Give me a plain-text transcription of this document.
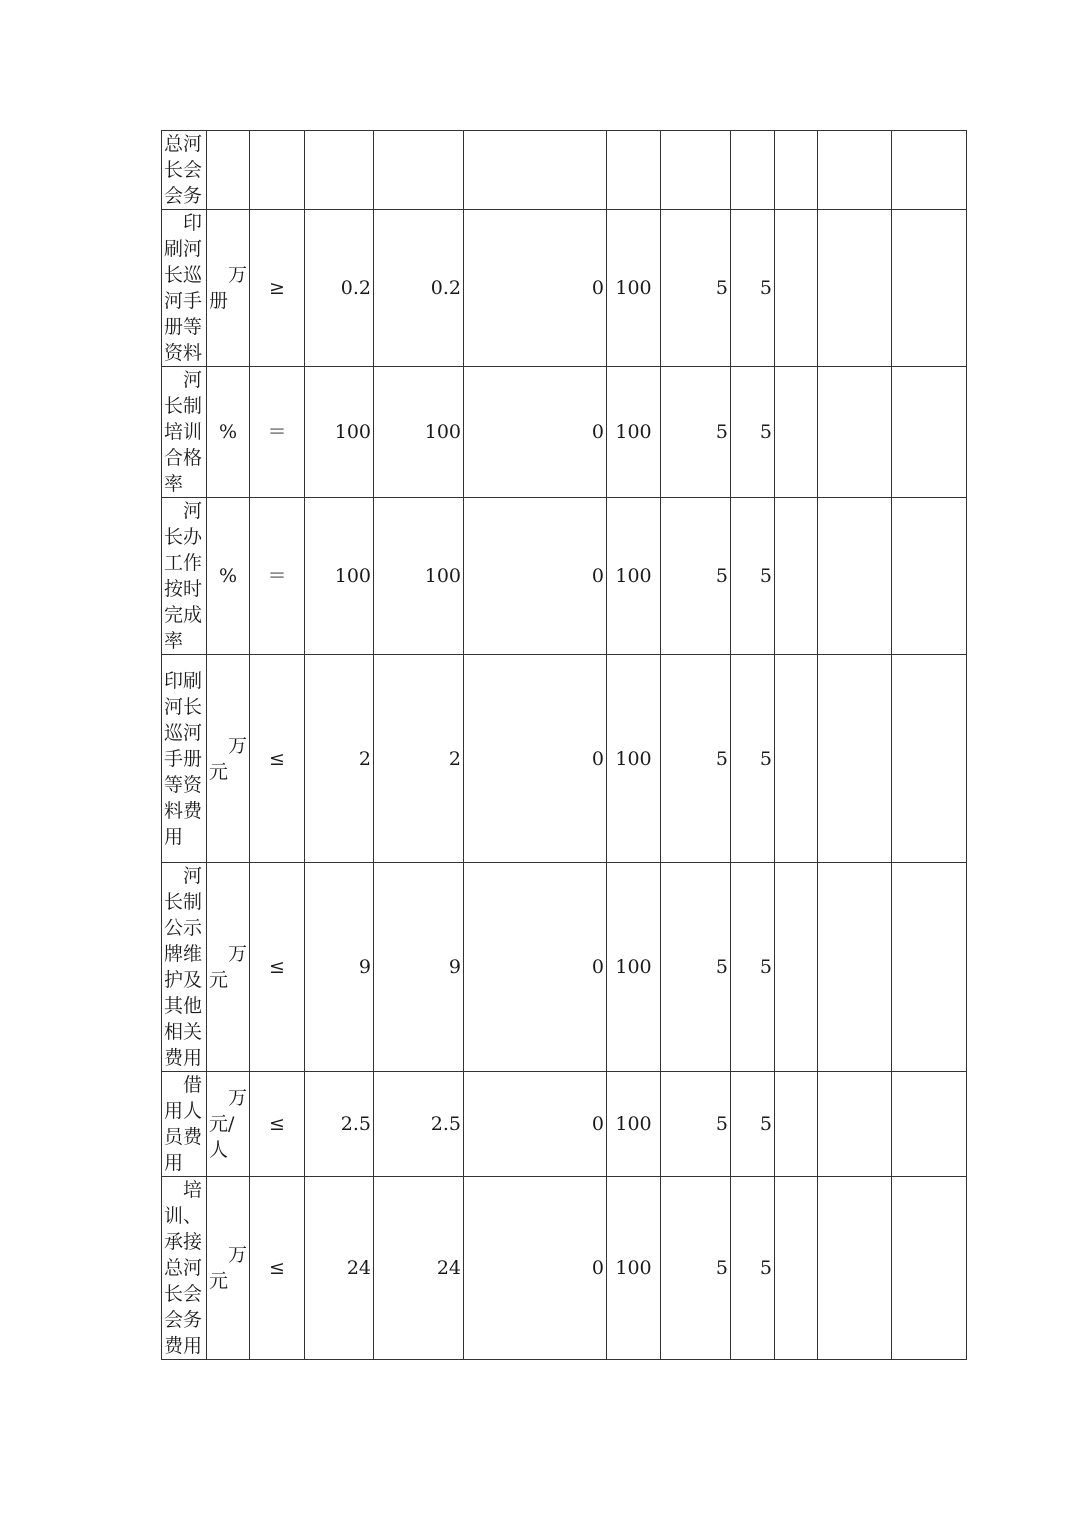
总河长会会务											

　印刷河长巡河手册等资料	　万册	≥	0.2	0.2	0	100	5	5			

　河长制培训合格率	%	＝	100	100	0	100	5	5			

　河长办工作按时完成率	%	＝	100	100	0	100	5	5			

印刷河长巡河手册等资料费用	　万元	≤	2	2	0	100	5	5			

　河长制公示牌维护及其他相关费用	　万元	≤	9	9	0	100	5	5			

　借用人员费用	　万元/人	≤	2.5	2.5	0	100	5	5			

　培训、承接总河长会会务费用	　万元	≤	24	24	0	100	5	5			
